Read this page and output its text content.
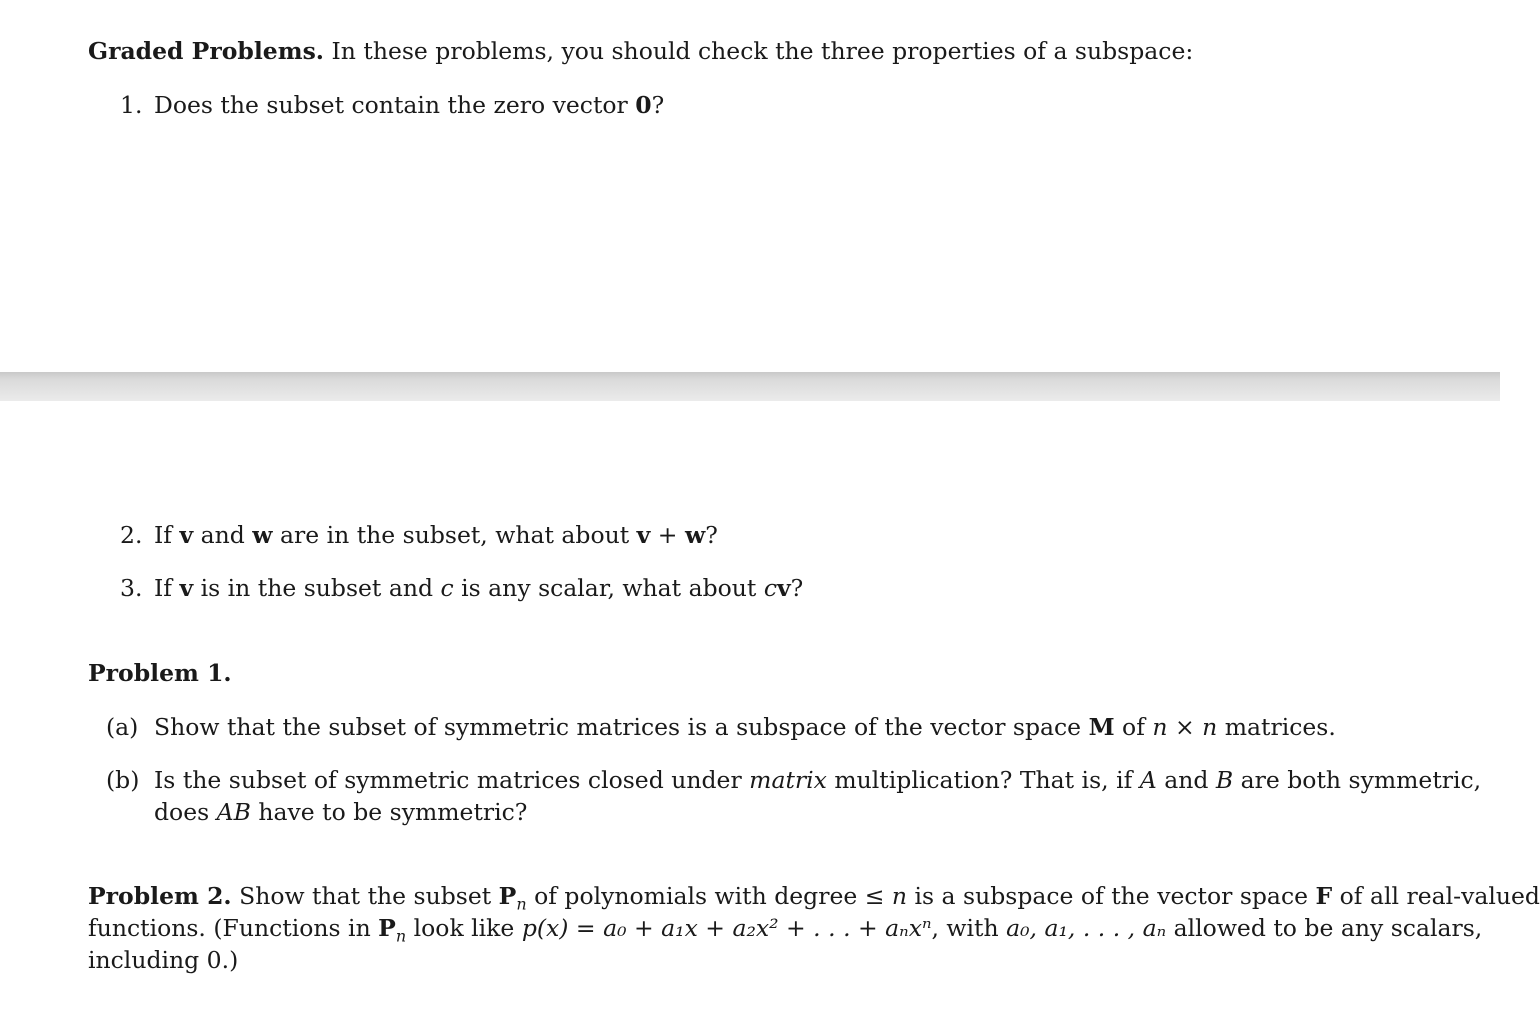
Graded Problems. In these problems, you should check the three properties of a subspace:
1. Does the subset contain the zero vector 0?
2. If v and w are in the subset, what about v + w?
3. If v is in the subset and c is any scalar, what about cv?
Problem 1.
(a) Show that the subset of symmetric matrices is a subspace of the vector space M of n × n matrices.
(b) Is the subset of symmetric matrices closed under matrix multiplication? That is, if A and B are both symmetric,
does AB have to be symmetric?
Problem 2. Show that the subset $P_n$ of polynomials with degree ≤ n is a subspace of the vector space F of all real-valued
functions. (Functions in $P_n$ look like p(x) = a₀ + a₁x + a₂x² + . . . + aₙxⁿ, with a₀, a₁, . . . , aₙ allowed to be any scalars,
including 0.)
